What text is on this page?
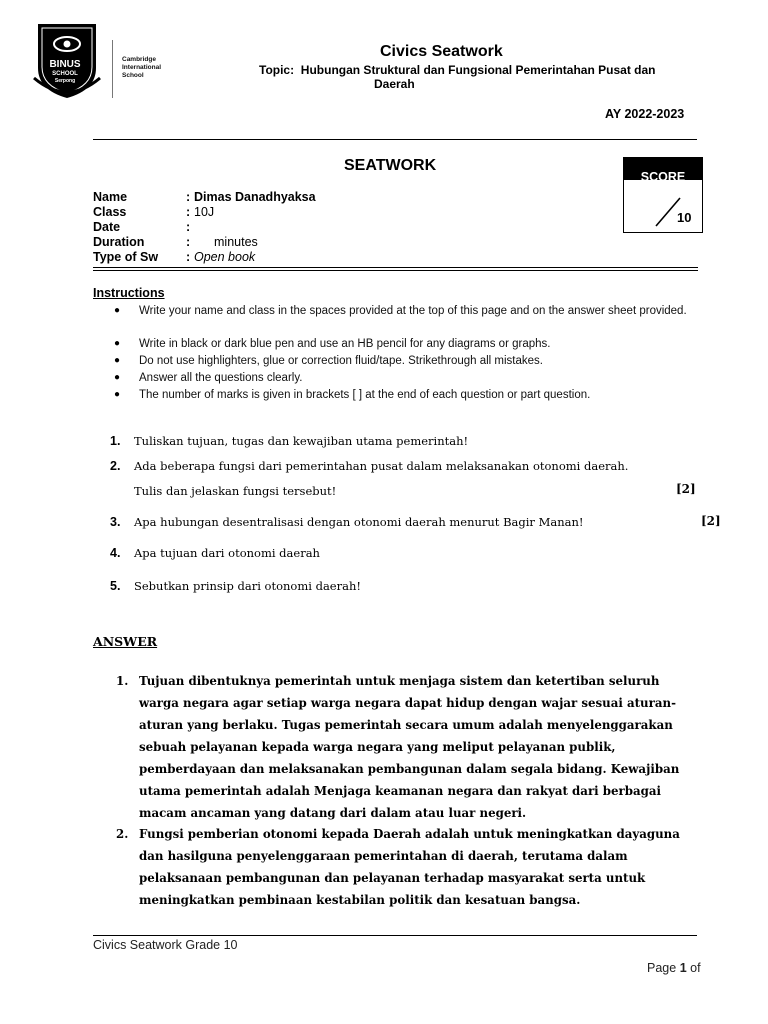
BINUS
SCHOOL
Serpong
Cambridge
International
School
Civics Seatwork
Topic: Hubungan Struktural dan Fungsional Pemerintahan Pusat dan
Daerah
AY 2022-2023
SEATWORK
SCORE
10
Name	: Dimas Danadhyaksa
Class	: 10J
Date	:
Duration	: minutes
Type of Sw : Open book
Instructions
● Write your name and class in the spaces provided at the top of this page and on the answer sheet provided.
● Write in black or dark blue pen and use an HB pencil for any diagrams or graphs.
● Do not use highlighters, glue or correction fluid/tape. Strikethrough all mistakes.
● Answer all the questions clearly.
● The number of marks is given in brackets [ ] at the end of each question or part question.
1. Tuliskan tujuan, tugas dan kewajiban utama pemerintah!
2. Ada beberapa fungsi dari pemerintahan pusat dalam melaksanakan otonomi daerah.
Tulis dan jelaskan fungsi tersebut!	[2]
3. Apa hubungan desentralisasi dengan otonomi daerah menurut Bagir Manan!	[2]
4. Apa tujuan dari otonomi daerah
5. Sebutkan prinsip dari otonomi daerah!
ANSWER
1. Tujuan dibentuknya pemerintah untuk menjaga sistem dan ketertiban seluruh warga negara agar setiap warga negara dapat hidup dengan wajar sesuai aturan-aturan yang berlaku. Tugas pemerintah secara umum adalah menyelenggarakan sebuah pelayanan kepada warga negara yang meliput pelayanan publik, pemberdayaan dan melaksanakan pembangunan dalam segala bidang. Kewajiban utama pemerintah adalah Menjaga keamanan negara dan rakyat dari berbagai macam ancaman yang datang dari dalam atau luar negeri.
2. Fungsi pemberian otonomi kepada Daerah adalah untuk meningkatkan dayaguna dan hasilguna penyelenggaraan pemerintahan di daerah, terutama dalam pelaksanaan pembangunan dan pelayanan terhadap masyarakat serta untuk meningkatkan pembinaan kestabilan politik dan kesatuan bangsa.
Civics Seatwork Grade 10
Page 1 of
